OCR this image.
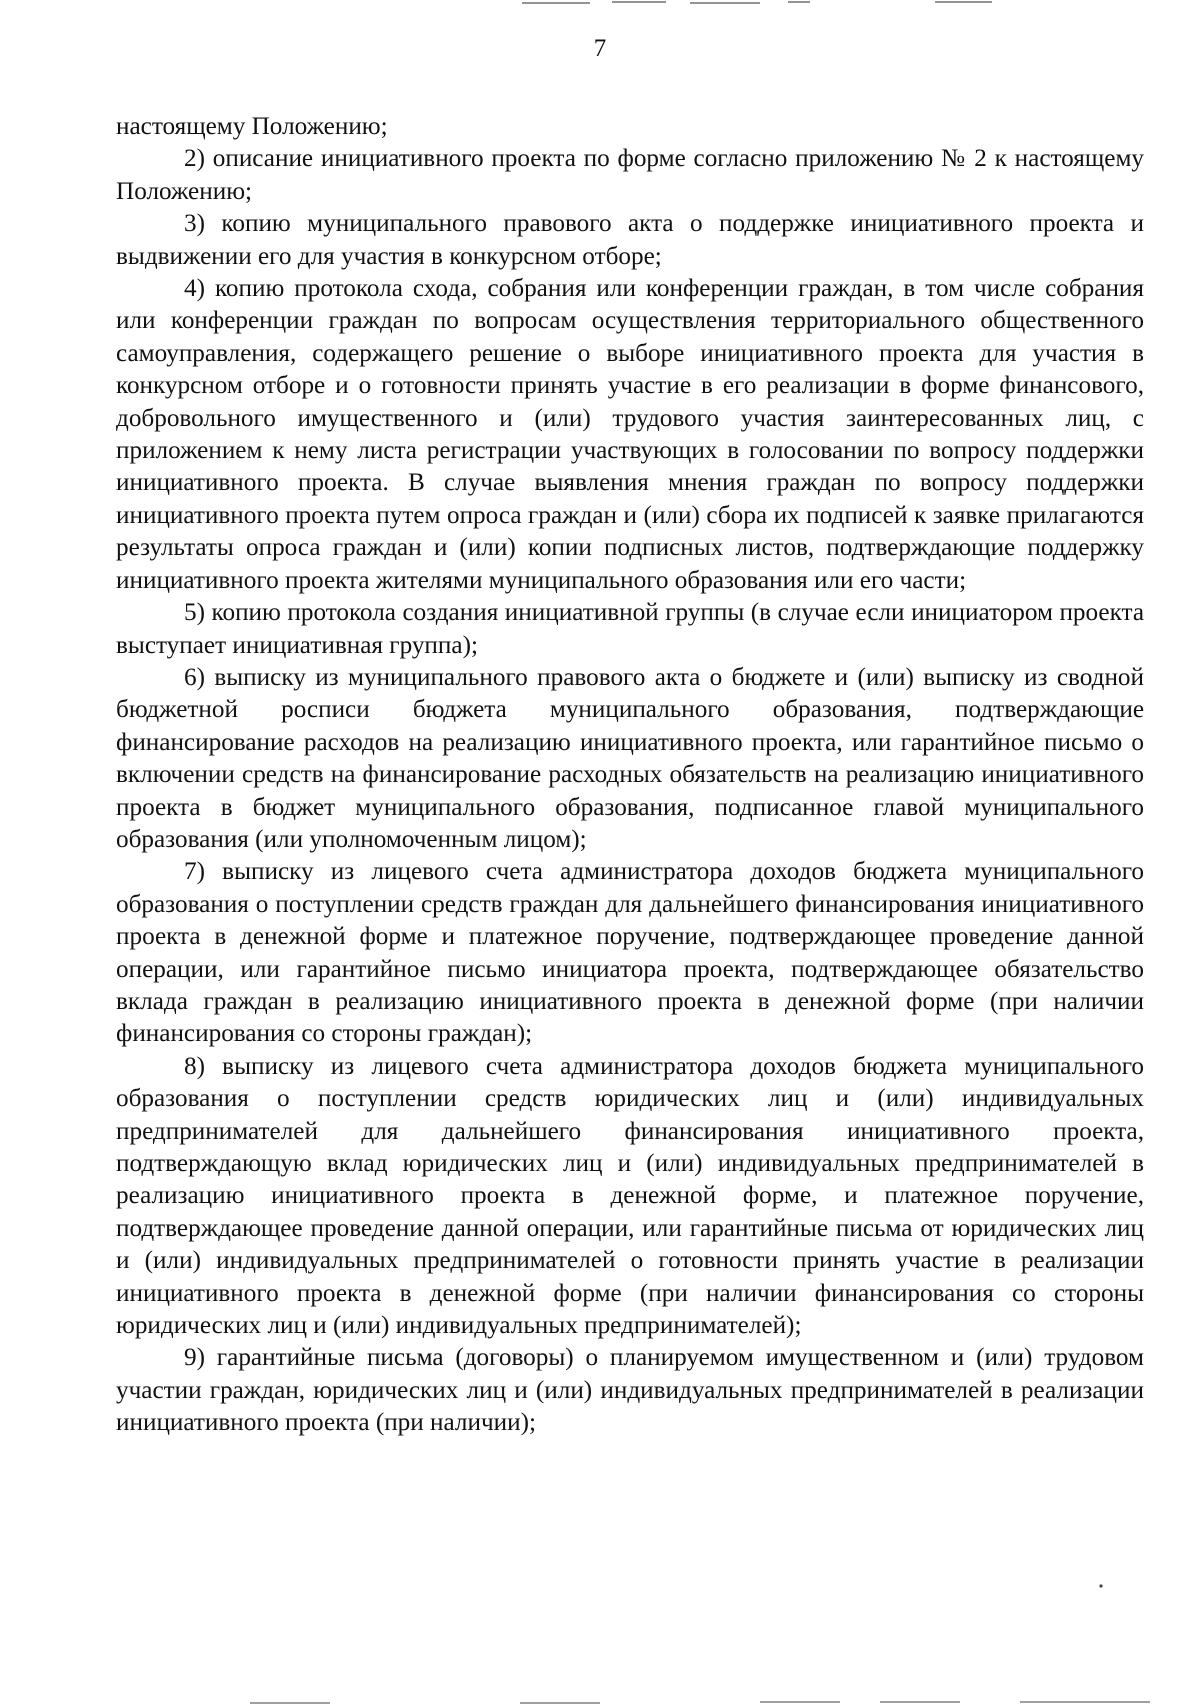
7

настоящему Положению;

2) описание инициативного проекта по форме согласно приложению № 2 к настоящему Положению;

3) копию муниципального правового акта о поддержке инициативного проекта и выдвижении его для участия в конкурсном отборе;

4) копию протокола схода, собрания или конференции граждан, в том числе собрания или конференции граждан по вопросам осуществления территориального общественного самоуправления, содержащего решение о выборе инициативного проекта для участия в конкурсном отборе и о готовности принять участие в его реализации в форме финансового, добровольного имущественного и (или) трудового участия заинтересованных лиц, с приложением к нему листа регистрации участвующих в голосовании по вопросу поддержки инициативного проекта. В случае выявления мнения граждан по вопросу поддержки инициативного проекта путем опроса граждан и (или) сбора их подписей к заявке прилагаются результаты опроса граждан и (или) копии подписных листов, подтверждающие поддержку инициативного проекта жителями муниципального образования или его части;

5) копию протокола создания инициативной группы (в случае если инициатором проекта выступает инициативная группа);

6) выписку из муниципального правового акта о бюджете и (или) выписку из сводной бюджетной росписи бюджета муниципального образования, подтверждающие финансирование расходов на реализацию инициативного проекта, или гарантийное письмо о включении средств на финансирование расходных обязательств на реализацию инициативного проекта в бюджет муниципального образования, подписанное главой муниципального образования (или уполномоченным лицом);

7) выписку из лицевого счета администратора доходов бюджета муниципального образования о поступлении средств граждан для дальнейшего финансирования инициативного проекта в денежной форме и платежное поручение, подтверждающее проведение данной операции, или гарантийное письмо инициатора проекта, подтверждающее обязательство вклада граждан в реализацию инициативного проекта в денежной форме (при наличии финансирования со стороны граждан);

8) выписку из лицевого счета администратора доходов бюджета муниципального образования о поступлении средств юридических лиц и (или) индивидуальных предпринимателей для дальнейшего финансирования инициативного проекта, подтверждающую вклад юридических лиц и (или) индивидуальных предпринимателей в реализацию инициативного проекта в денежной форме, и платежное поручение, подтверждающее проведение данной операции, или гарантийные письма от юридических лиц и (или) индивидуальных предпринимателей о готовности принять участие в реализации инициативного проекта в денежной форме (при наличии финансирования со стороны юридических лиц и (или) индивидуальных предпринимателей);

9) гарантийные письма (договоры) о планируемом имущественном и (или) трудовом участии граждан, юридических лиц и (или) индивидуальных предпринимателей в реализации инициативного проекта (при наличии);
